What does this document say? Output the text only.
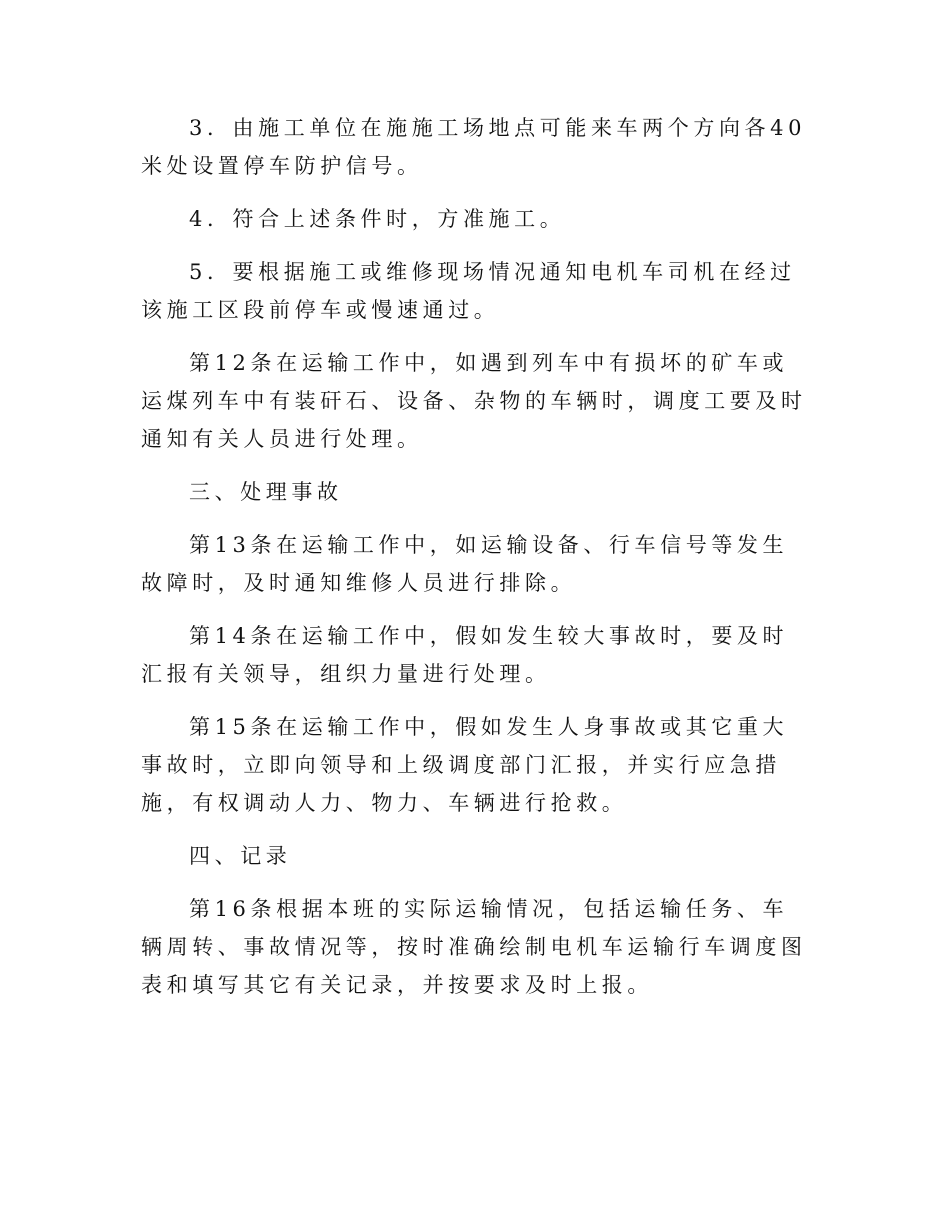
3．由施工单位在施施工场地点可能来车两个方向各40米处设置停车防护信号。

4．符合上述条件时，方准施工。

5．要根据施工或维修现场情况通知电机车司机在经过该施工区段前停车或慢速通过。

第12条在运输工作中，如遇到列车中有损坏的矿车或运煤列车中有装矸石、设备、杂物的车辆时，调度工要及时通知有关人员进行处理。

三、处理事故

第13条在运输工作中，如运输设备、行车信号等发生故障时，及时通知维修人员进行排除。

第14条在运输工作中，假如发生较大事故时，要及时汇报有关领导，组织力量进行处理。

第15条在运输工作中，假如发生人身事故或其它重大事故时，立即向领导和上级调度部门汇报，并实行应急措施，有权调动人力、物力、车辆进行抢救。

四、记录

第16条根据本班的实际运输情况，包括运输任务、车辆周转、事故情况等，按时准确绘制电机车运输行车调度图表和填写其它有关记录，并按要求及时上报。
